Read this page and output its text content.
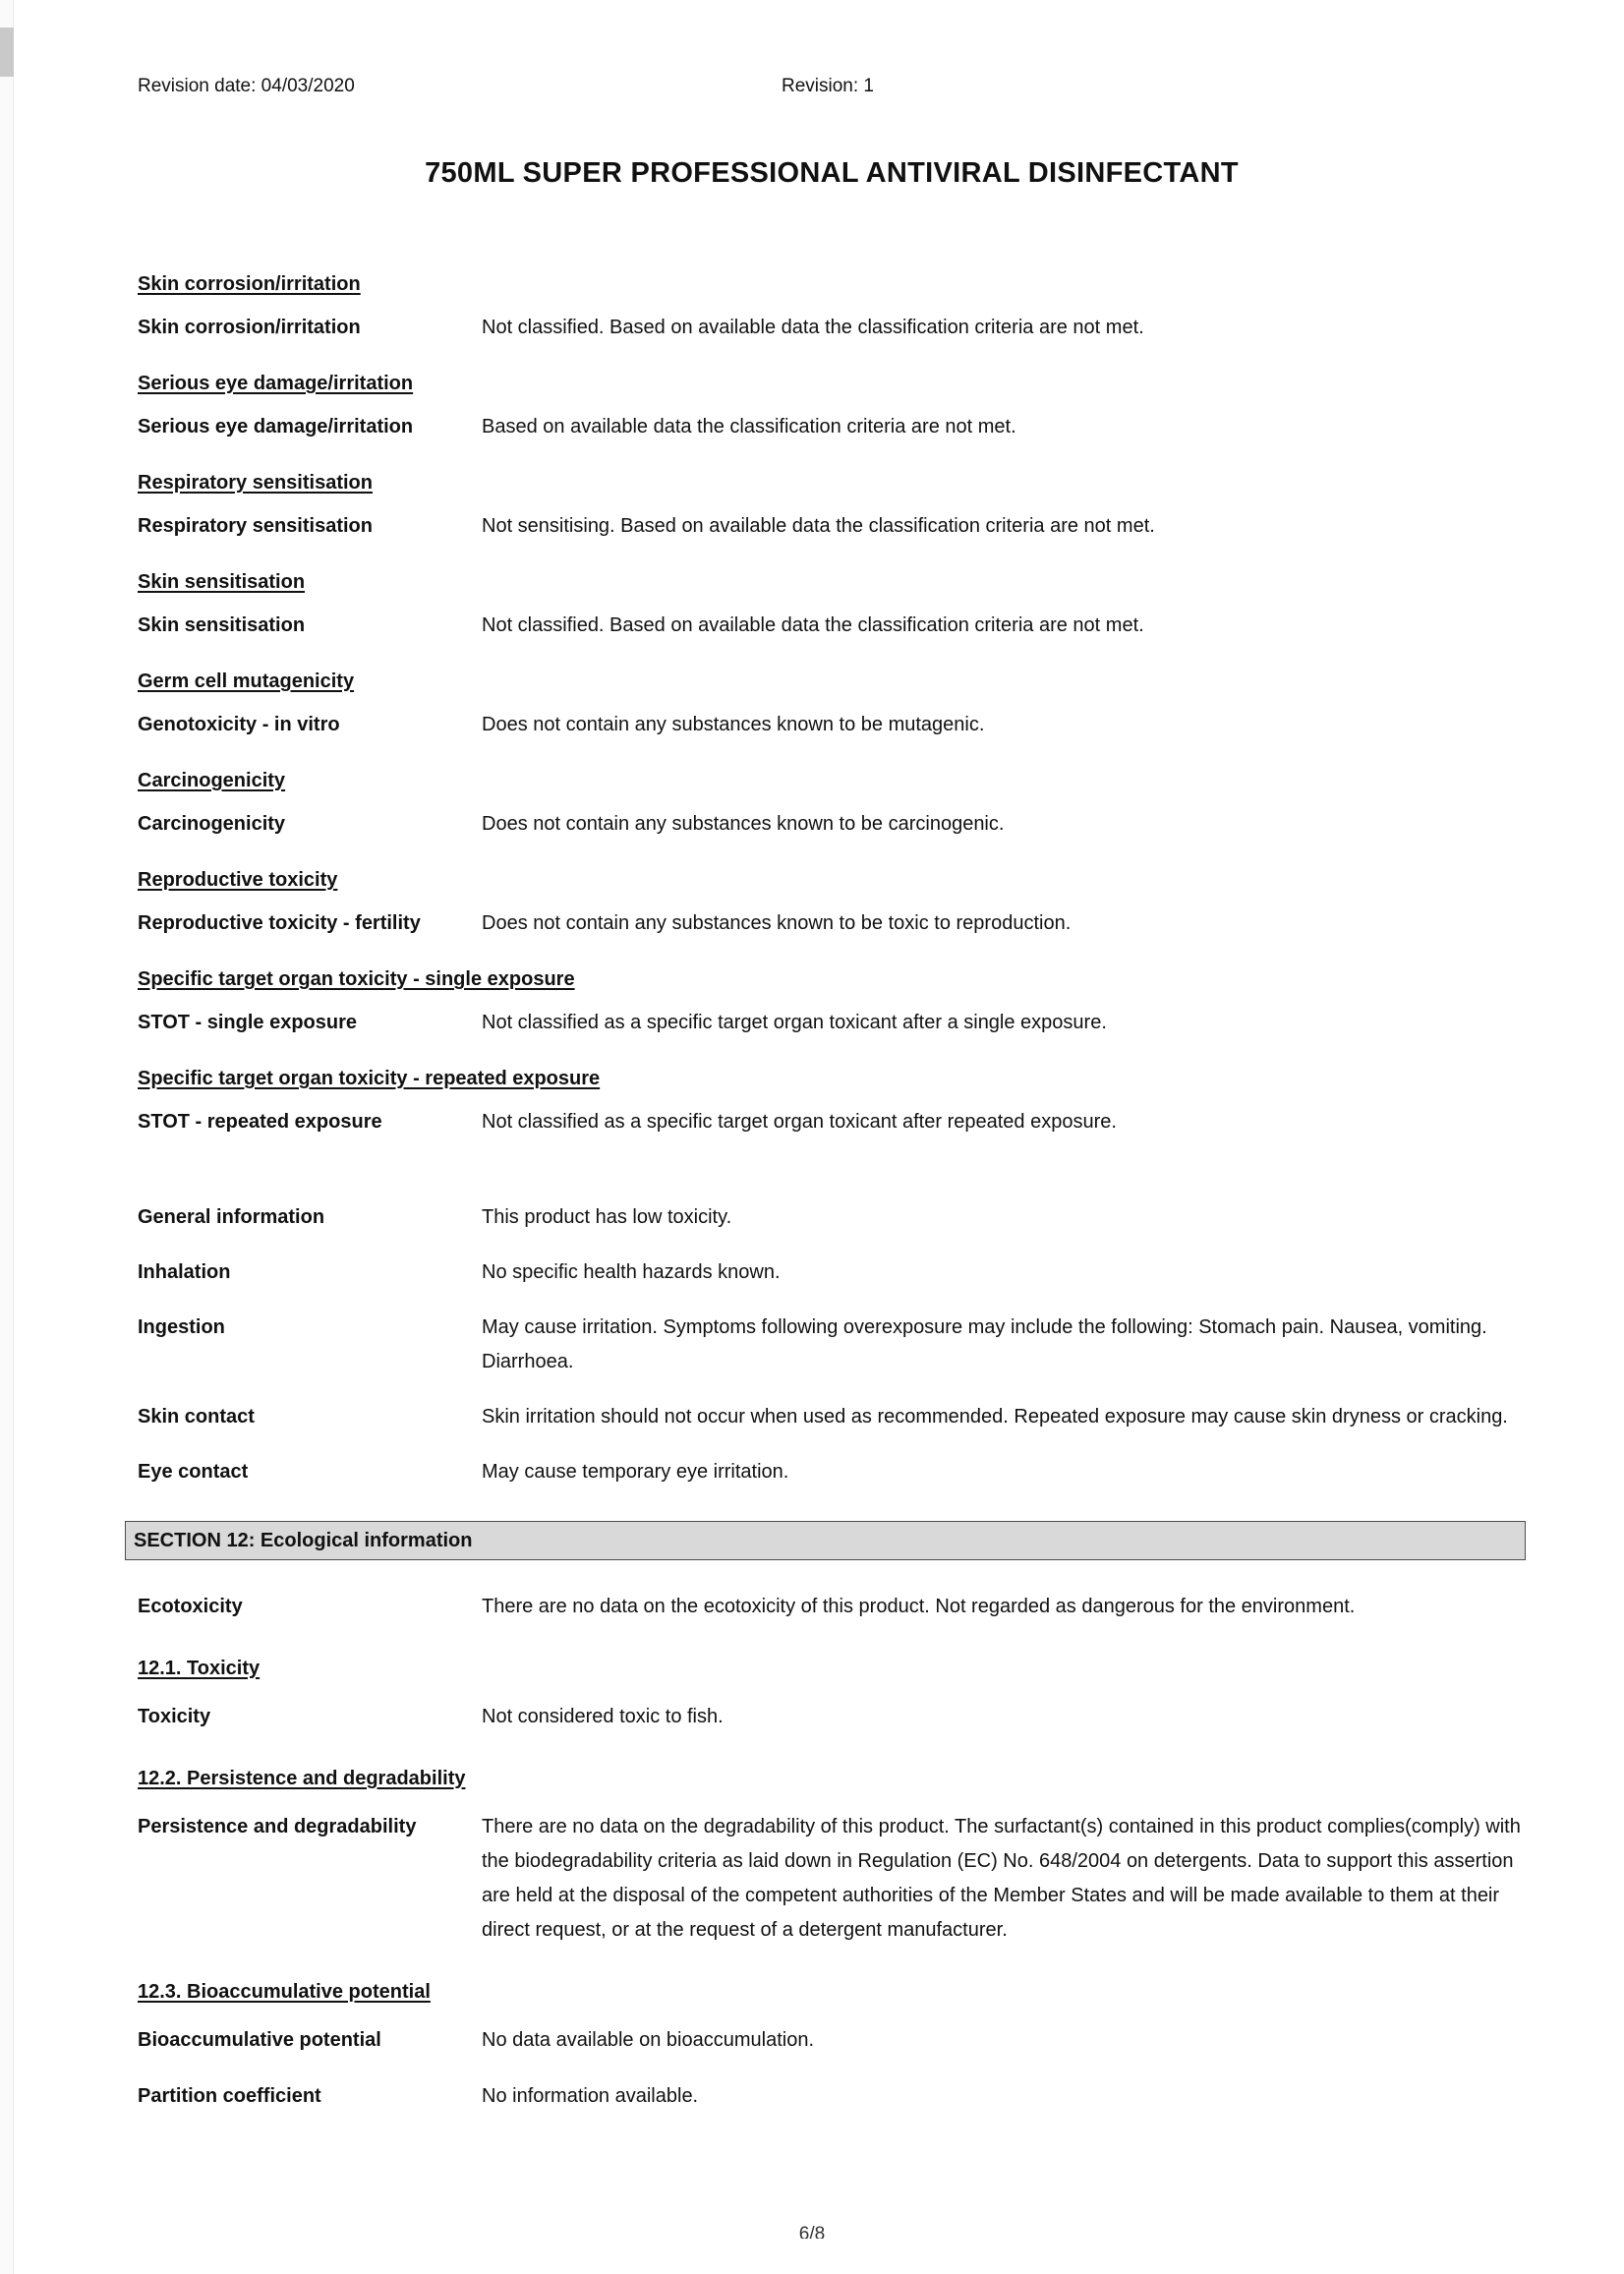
Revision date: 04/03/2020	Revision: 1
750ML SUPER PROFESSIONAL ANTIVIRAL DISINFECTANT
Skin corrosion/irritation
Skin corrosion/irritation	Not classified. Based on available data the classification criteria are not met.
Serious eye damage/irritation
Serious eye damage/irritation	Based on available data the classification criteria are not met.
Respiratory sensitisation
Respiratory sensitisation	Not sensitising. Based on available data the classification criteria are not met.
Skin sensitisation
Skin sensitisation	Not classified. Based on available data the classification criteria are not met.
Germ cell mutagenicity
Genotoxicity - in vitro	Does not contain any substances known to be mutagenic.
Carcinogenicity
Carcinogenicity	Does not contain any substances known to be carcinogenic.
Reproductive toxicity
Reproductive toxicity - fertility	Does not contain any substances known to be toxic to reproduction.
Specific target organ toxicity - single exposure
STOT - single exposure	Not classified as a specific target organ toxicant after a single exposure.
Specific target organ toxicity - repeated exposure
STOT - repeated exposure	Not classified as a specific target organ toxicant after repeated exposure.
General information	This product has low toxicity.
Inhalation	No specific health hazards known.
Ingestion	May cause irritation. Symptoms following overexposure may include the following: Stomach pain. Nausea, vomiting. Diarrhoea.
Skin contact	Skin irritation should not occur when used as recommended. Repeated exposure may cause skin dryness or cracking.
Eye contact	May cause temporary eye irritation.
SECTION 12: Ecological information
Ecotoxicity	There are no data on the ecotoxicity of this product. Not regarded as dangerous for the environment.
12.1. Toxicity
Toxicity	Not considered toxic to fish.
12.2. Persistence and degradability
Persistence and degradability	There are no data on the degradability of this product. The surfactant(s) contained in this product complies(comply) with the biodegradability criteria as laid down in Regulation (EC) No. 648/2004 on detergents. Data to support this assertion are held at the disposal of the competent authorities of the Member States and will be made available to them at their direct request, or at the request of a detergent manufacturer.
12.3. Bioaccumulative potential
Bioaccumulative potential	No data available on bioaccumulation.
Partition coefficient	No information available.
6/8
